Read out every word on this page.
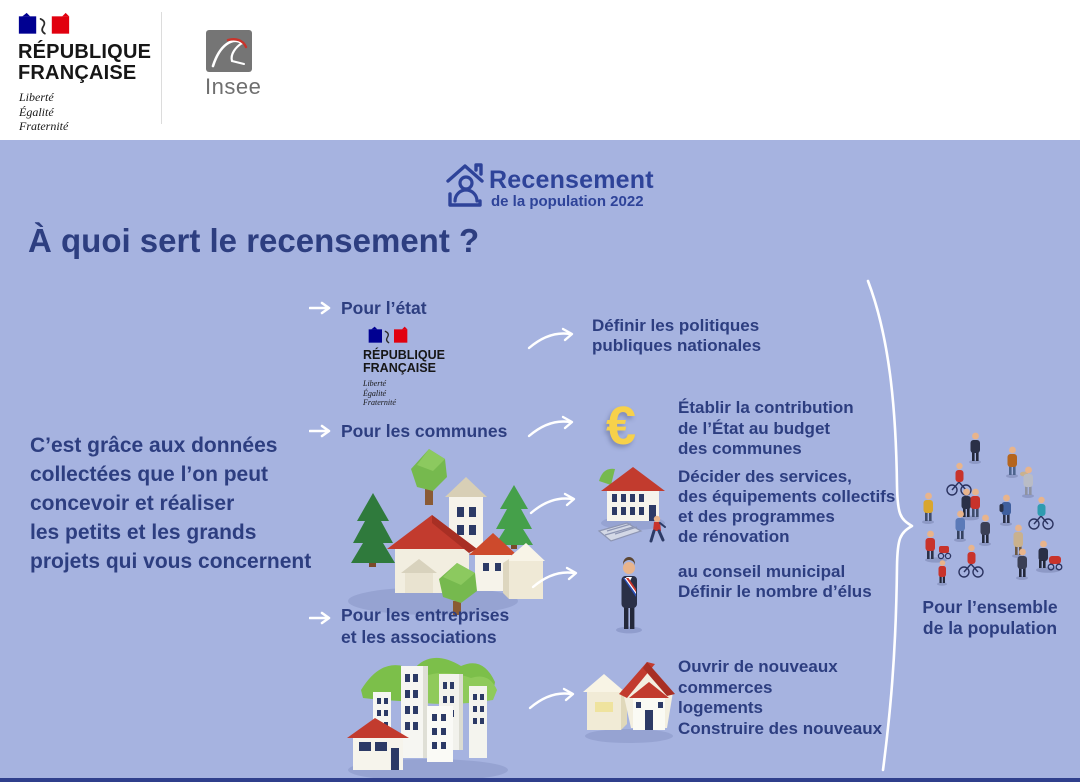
RÉPUBLIQUE
FRANÇAISE
Liberté
Égalité
Fraternité
Insee
Recensement
de la population 2022
À quoi sert le recensement ?
C’est grâce aux données
collectées que l’on peut
concevoir et réaliser
les petits et les grands
projets qui vous concernent
Pour l’état
RÉPUBLIQUE
FRANÇAISE
Liberté
Égalité
Fraternité
Pour les communes
Pour les entreprises
et les associations
Définir les politiques
publiques nationales
€ Établir la contribution
de l’État au budget
des communes
Décider des services,
des équipements collectifs
et des programmes
de rénovation
au conseil municipal
Définir le nombre d’élus
Ouvrir de nouveaux
commerces
logements
Construire des nouveaux
Pour l’ensemble
de la population
